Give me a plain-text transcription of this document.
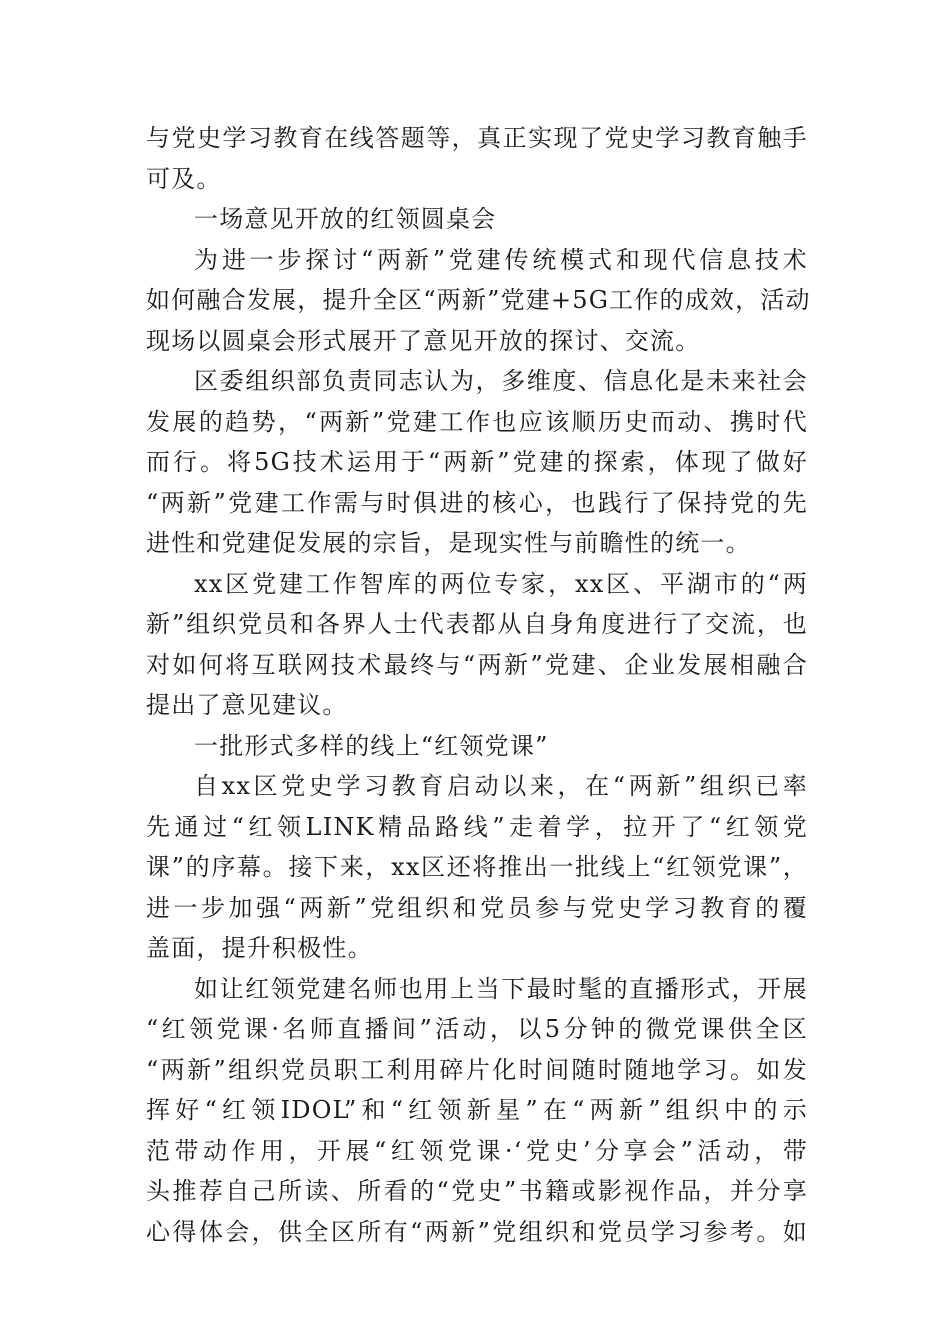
与党史学习教育在线答题等，真正实现了党史学习教育触手
可及。

一场意见开放的红领圆桌会

为进一步探讨“两新”党建传统模式和现代信息技术
如何融合发展，提升全区“两新”党建+5G工作的成效，活动
现场以圆桌会形式展开了意见开放的探讨、交流。

区委组织部负责同志认为，多维度、信息化是未来社会
发展的趋势，“两新”党建工作也应该顺历史而动、携时代
而行。将5G技术运用于“两新”党建的探索，体现了做好
“两新”党建工作需与时俱进的核心，也践行了保持党的先
进性和党建促发展的宗旨，是现实性与前瞻性的统一。

xx区党建工作智库的两位专家，xx区、平湖市的“两
新”组织党员和各界人士代表都从自身角度进行了交流，也
对如何将互联网技术最终与“两新”党建、企业发展相融合
提出了意见建议。

一批形式多样的线上“红领党课”

自xx区党史学习教育启动以来，在“两新”组织已率
先通过“红领LINK精品路线”走着学，拉开了“红领党
课”的序幕。接下来，xx区还将推出一批线上“红领党课”，
进一步加强“两新”党组织和党员参与党史学习教育的覆
盖面，提升积极性。

如让红领党建名师也用上当下最时髦的直播形式，开展
“红领党课·名师直播间”活动，以5分钟的微党课供全区
“两新”组织党员职工利用碎片化时间随时随地学习。如发
挥好“红领IDOL”和“红领新星”在“两新”组织中的示
范带动作用，开展“红领党课·‘党史’分享会”活动，带
头推荐自己所读、所看的“党史”书籍或影视作品，并分享
心得体会，供全区所有“两新”党组织和党员学习参考。如
